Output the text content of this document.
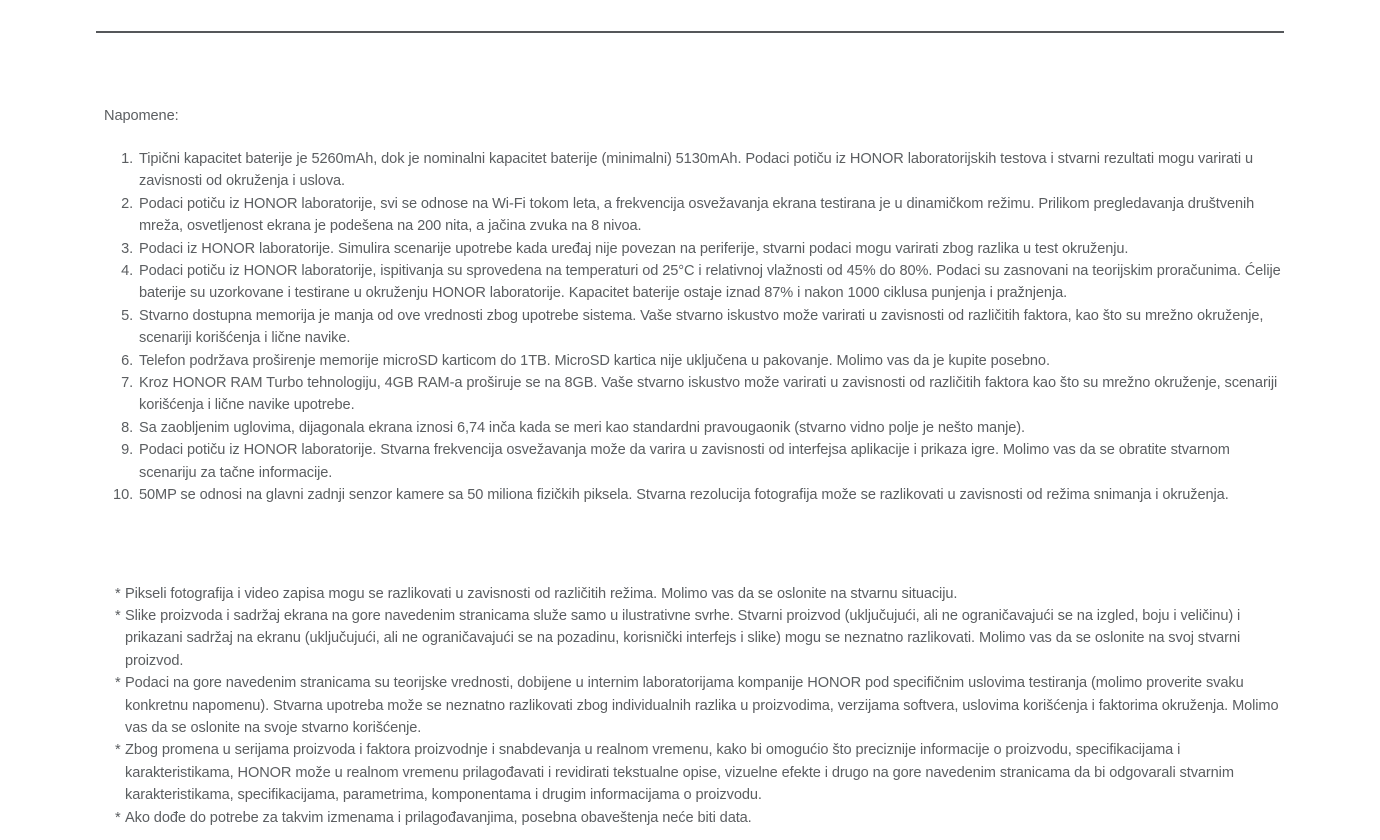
Napomene:

1. Tipični kapacitet baterije je 5260mAh, dok je nominalni kapacitet baterije (minimalni) 5130mAh. Podaci potiču iz HONOR laboratorijskih testova i stvarni rezultati mogu varirati u zavisnosti od okruženja i uslova.
2. Podaci potiču iz HONOR laboratorije, svi se odnose na Wi-Fi tokom leta, a frekvencija osvežavanja ekrana testirana je u dinamičkom režimu. Prilikom pregledavanja društvenih mreža, osvetljenost ekrana je podešena na 200 nita, a jačina zvuka na 8 nivoa.
3. Podaci iz HONOR laboratorije. Simulira scenarije upotrebe kada uređaj nije povezan na periferije, stvarni podaci mogu varirati zbog razlika u test okruženju.
4. Podaci potiču iz HONOR laboratorije, ispitivanja su sprovedena na temperaturi od 25°C i relativnoj vlažnosti od 45% do 80%. Podaci su zasnovani na teorijskim proračunima. Ćelije baterije su uzorkovane i testirane u okruženju HONOR laboratorije. Kapacitet baterije ostaje iznad 87% i nakon 1000 ciklusa punjenja i pražnjenja.
5. Stvarno dostupna memorija je manja od ove vrednosti zbog upotrebe sistema. Vaše stvarno iskustvo može varirati u zavisnosti od različitih faktora, kao što su mrežno okruženje, scenariji korišćenja i lične navike.
6. Telefon podržava proširenje memorije microSD karticom do 1TB. MicroSD kartica nije uključena u pakovanje. Molimo vas da je kupite posebno.
7. Kroz HONOR RAM Turbo tehnologiju, 4GB RAM-a proširuje se na 8GB. Vaše stvarno iskustvo može varirati u zavisnosti od različitih faktora kao što su mrežno okruženje, scenariji korišćenja i lične navike upotrebe.
8. Sa zaobljenim uglovima, dijagonala ekrana iznosi 6,74 inča kada se meri kao standardni pravougaonik (stvarno vidno polje je nešto manje).
9. Podaci potiču iz HONOR laboratorije. Stvarna frekvencija osvežavanja može da varira u zavisnosti od interfejsa aplikacije i prikaza igre. Molimo vas da se obratite stvarnom scenariju za tačne informacije.
10. 50MP se odnosi na glavni zadnji senzor kamere sa 50 miliona fizičkih piksela. Stvarna rezolucija fotografija može se razlikovati u zavisnosti od režima snimanja i okruženja.
* Pikseli fotografija i video zapisa mogu se razlikovati u zavisnosti od različitih režima. Molimo vas da se oslonite na stvarnu situaciju.
* Slike proizvoda i sadržaj ekrana na gore navedenim stranicama služe samo u ilustrativne svrhe. Stvarni proizvod (uključujući, ali ne ograničavajući se na izgled, boju i veličinu) i prikazani sadržaj na ekranu (uključujući, ali ne ograničavajući se na pozadinu, korisnički interfejs i slike) mogu se neznatno razlikovati. Molimo vas da se oslonite na svoj stvarni proizvod.
* Podaci na gore navedenim stranicama su teorijske vrednosti, dobijene u internim laboratorijama kompanije HONOR pod specifičnim uslovima testiranja (molimo proverite svaku konkretnu napomenu). Stvarna upotreba može se neznatno razlikovati zbog individualnih razlika u proizvodima, verzijama softvera, uslovima korišćenja i faktorima okruženja. Molimo vas da se oslonite na svoje stvarno korišćenje.
* Zbog promena u serijama proizvoda i faktora proizvodnje i snabdevanja u realnom vremenu, kako bi omogućio što preciznije informacije o proizvodu, specifikacijama i karakteristikama, HONOR može u realnom vremenu prilagođavati i revidirati tekstualne opise, vizuelne efekte i drugo na gore navedenim stranicama da bi odgovarali stvarnim karakteristikama, specifikacijama, parametrima, komponentama i drugim informacijama o proizvodu.
* Ako dođe do potrebe za takvim izmenama i prilagođavanjima, posebna obaveštenja neće biti data.
